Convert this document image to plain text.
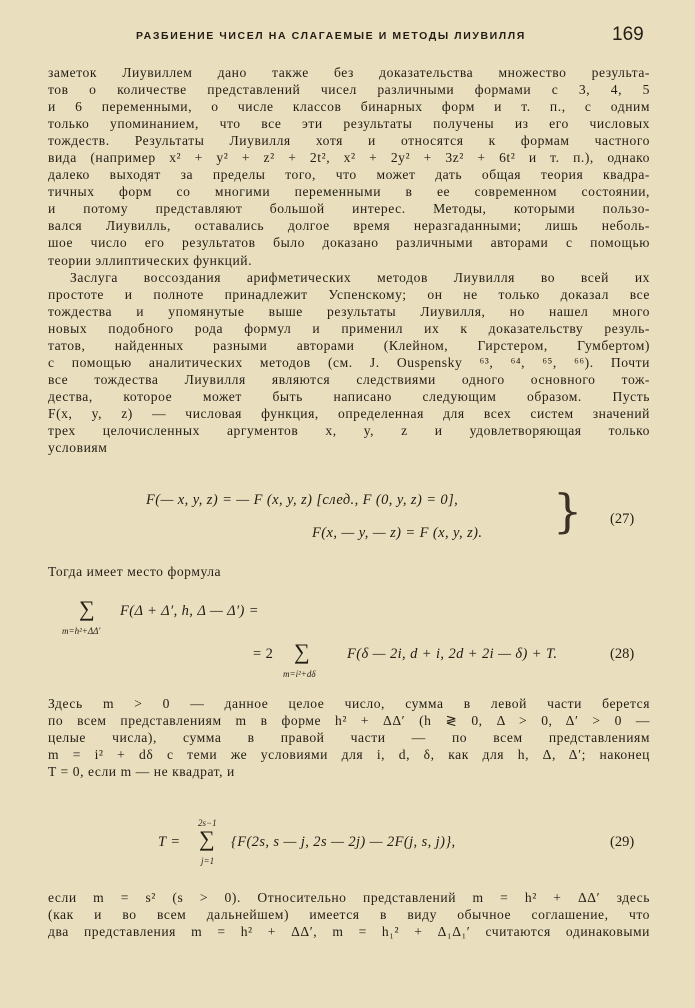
РАЗБИЕНИЕ ЧИСЕЛ НА СЛАГАЕМЫЕ И МЕТОДЫ ЛИУВИЛЛЯ	169
заметок Лиувиллем дано также без доказательства множество результа-
тов о количестве представлений чисел различными формами с 3, 4, 5
и 6 переменными, о числе классов бинарных форм и т. п., с одним
только упоминанием, что все эти результаты получены из его числовых
тождеств. Результаты Лиувилля хотя и относятся к формам частного
вида (например x² + y² + z² + 2t², x² + 2y² + 3z² + 6t² и т. п.), однако
далеко выходят за пределы того, что может дать общая теория квадра-
тичных форм со многими переменными в ее современном состоянии,
и потому представляют большой интерес. Методы, которыми пользо-
вался Лиувилль, оставались долгое время неразгаданными; лишь неболь-
шое число его результатов было доказано различными авторами с помощью
теории эллиптических функций.
Заслуга воссоздания арифметических методов Лиувилля во всей их
простоте и полноте принадлежит Успенскому; он не только доказал все
тождества и упомянутые выше результаты Лиувилля, но нашел много
новых подобного рода формул и применил их к доказательству резуль-
татов, найденных разными авторами (Клейном, Гирстером, Гумбертом)
с помощью аналитических методов (см. J. Ouspensky ⁶³, ⁶⁴, ⁶⁵, ⁶⁶). Почти
все тождества Лиувилля являются следствиями одного основного тож-
дества, которое может быть написано следующим образом. Пусть
F(x, y, z) — числовая функция, определенная для всех систем значений
трех целочисленных аргументов x, y, z и удовлетворяющая только
условиям
F(— x, y, z) = — F (x, y, z) [след., F (0, y, z) = 0],
F(x, — y, — z) = F (x, y, z). } (27)
Тогда имеет место формула
∑
m=h²+ΔΔ′
F(Δ + Δ′, h, Δ — Δ′) =
= 2 ∑
m=i²+dδ
F(δ — 2i, d + i, 2d + 2i — δ) + T.	(28)
Здесь m > 0 — данное целое число, сумма в левой части берется
по всем представлениям m в форме h² + ΔΔ′ (h ≷ 0, Δ > 0, Δ′ > 0 —
целые числа), сумма в правой части — по всем представлениям
m = i² + dδ с теми же условиями для i, d, δ, как для h, Δ, Δ′; наконец
T = 0, если m — не квадрат, и
2s−1
T = ∑
j=1
{F(2s, s — j, 2s — 2j) — 2F(j, s, j)},	(29)
если m = s² (s > 0). Относительно представлений m = h² + ΔΔ′ здесь
(как и во всем дальнейшем) имеется в виду обычное соглашение, что
два представления m = h² + ΔΔ′, m = h₁² + Δ₁Δ₁′ считаются одинаковыми
